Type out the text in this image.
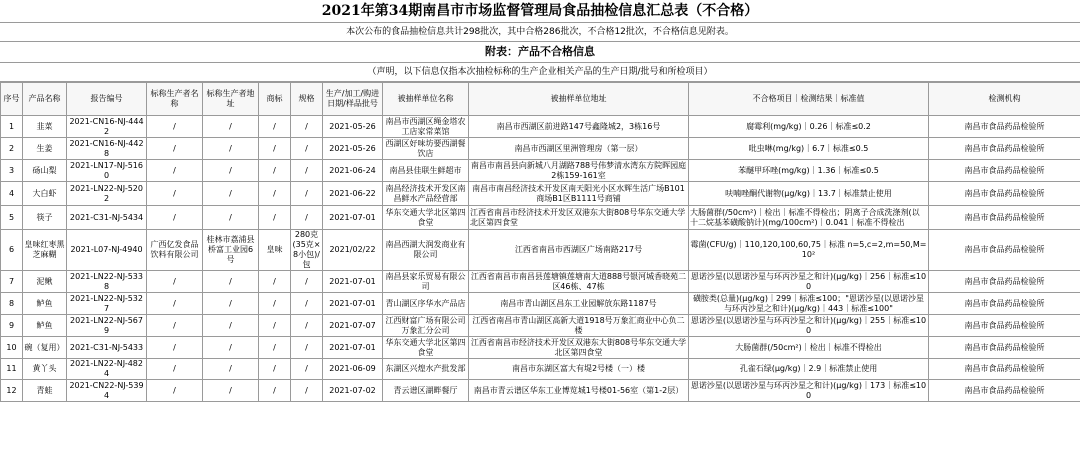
2021年第34期南昌市市场监督管理局食品抽检信息汇总表（不合格）
本次公布的食品抽检信息共计298批次，其中合格286批次，不合格12批次，不合格信息见附表。
附表：产品不合格信息
（声明，以下信息仅指本次抽检标称的生产企业相关产品的生产日期/批号和所检项目）
序号	产品名称	报告编号	标称生产者名称	标称生产者地址	商标	规格	生产/加工/购进日期/样品批号	被抽样单位名称	被抽样单位地址	不合格项目｜检测结果｜标准值	检测机构
1	韭菜	2021-CN16-NJ-4442	/	/	/	/	2021-05-26	南昌市西湖区绳金塔农工店家常菜馆	南昌市西湖区前进路147号鑫隆城2，3栋16号	腐霉利(mg/kg)｜0.26｜标准≤0.2	南昌市食品药品检验所
2	生姜	2021-CN16-NJ-4428	/	/	/	/	2021-05-26	西湖区好味坊要西湖餐饮店	南昌市西湖区里洲管理房（第一层）	吡虫啉(mg/kg)｜6.7｜标准≤0.5	南昌市食品药品检验所
3	砀山梨	2021-LN17-NJ-5160	/	/	/	/	2021-06-24	南昌县佳联生鲜超市	南昌市南昌县向新城八月湖路788号伟梦清水湾东方院晖园庭2栋159-161室	苯醚甲环唑(mg/kg)｜1.36｜标准≤0.5	南昌市食品药品检验所
4	大白虾	2021-LN22-NJ-5202	/	/	/	/	2021-06-22	南昌经济技术开发区南昌鲜水产品经营部	南昌市南昌经济技术开发区南天阳光小区水辉生活广场B101商场B1区B1111号商铺	呋喃唑酮代谢物(μg/kg)｜13.7｜标准禁止使用	南昌市食品药品检验所
5	筷子	2021-C31-NJ-5434	/	/	/	/	2021-07-01	华东交通大学北区第四食堂	江西省南昌市经济技术开发区双港东大街808号华东交通大学北区第四食堂	大肠菌群(/50cm²)｜检出｜标准不得检出；阴离子合成洗涤剂(以十二烷基苯磺酸钠计)(mg/100cm²)｜0.041｜标准不得检出	南昌市食品药品检验所
6	皇味红枣黑芝麻糊	2021-L07-NJ-4940	广西亿发食品饮料有限公司	桂林市荔浦县桥富工业园6号	皇味	280克(35克×8小包)/包	2021/02/22	南昌西湖大润发商业有限公司	江西省南昌市西湖区广场南路217号	霉菌(CFU/g)｜110,120,100,60,75｜标准 n=5,c=2,m=50,M=10²	南昌市食品药品检验所
7	泥鳅	2021-LN22-NJ-5338	/	/	/	/	2021-07-01	南昌县家乐贸易有限公司	江西省南昌市南昌县莲塘镇莲塘南大道888号银河城香晓苑二区46栋、47栋	恩诺沙星(以恩诺沙星与环丙沙星之和计)(μg/kg)｜256｜标准≤100	南昌市食品药品检验所
8	鲈鱼	2021-LN22-NJ-5327	/	/	/	/	2021-07-01	青山湖区序华水产品店	南昌市青山湖区昌东工业园解放东路1187号	磺胺类(总量)(μg/kg)｜299｜标准≤100；"恩诺沙星(以恩诺沙星与环丙沙星之和计)(μg/kg)｜443｜标准≤100"	南昌市食品药品检验所
9	鲈鱼	2021-LN22-NJ-5679	/	/	/	/	2021-07-07	江西财富广场有限公司万象汇分公司	江西省南昌市青山湖区高新大道1918号万象汇商业中心负二楼	恩诺沙星(以恩诺沙星与环丙沙星之和计)(μg/kg)｜255｜标准≤100	南昌市食品药品检验所
10	碗（复用）	2021-C31-NJ-5433	/	/	/	/	2021-07-01	华东交通大学北区第四食堂	江西省南昌市经济技术开发区双港东大街808号华东交通大学北区第四食堂	大肠菌群(/50cm²)｜检出｜标准不得检出	南昌市食品药品检验所
11	黄丫头	2021-LN22-NJ-4824	/	/	/	/	2021-06-09	东湖区兴煌水产批发部	南昌市东湖区富大有堤2号楼（一）楼	孔雀石绿(μg/kg)｜2.9｜标准禁止使用	南昌市食品药品检验所
12	青蛙	2021-CN22-NJ-5394	/	/	/	/	2021-07-02	青云谱区湖畔餐厅	南昌市青云谱区华东工业博览城1号楼01-56室（第1-2层）	恩诺沙星(以恩诺沙星与环丙沙星之和计)(μg/kg)｜173｜标准≤100	南昌市食品药品检验所
